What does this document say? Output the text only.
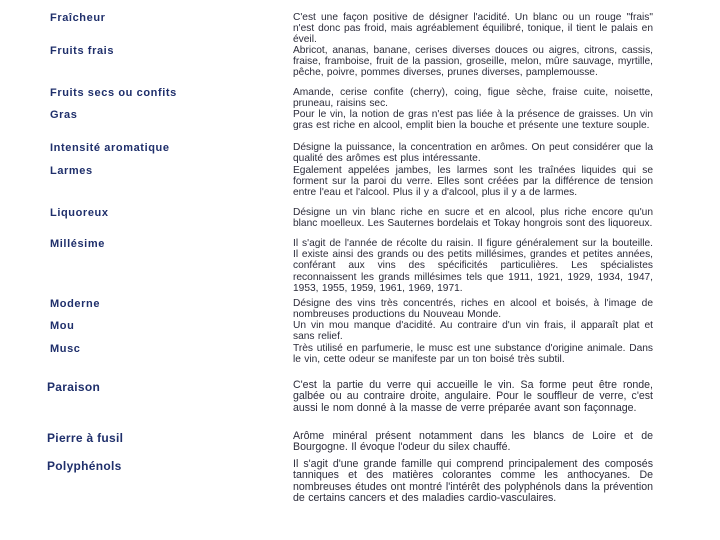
Fraîcheur	C'est une façon positive de désigner l'acidité. Un blanc ou un rouge "frais" n'est donc pas froid, mais agréablement équilibré, tonique, il tient le palais en éveil.
Fruits frais	Abricot, ananas, banane, cerises diverses douces ou aigres, citrons, cassis, fraise, framboise, fruit de la passion, groseille, melon, mûre sauvage, myrtille, pêche, poivre, pommes diverses, prunes diverses, pamplemousse.
Fruits secs ou confits	Amande, cerise confite (cherry), coing, figue sèche, fraise cuite, noisette, pruneau, raisins sec.
Gras	Pour le vin, la notion de gras n'est pas liée à la présence de graisses. Un vin gras est riche en alcool, emplit bien la bouche et présente une texture souple.
Intensité aromatique	Désigne la puissance, la concentration en arômes. On peut considérer que la qualité des arômes est plus intéressante.
Larmes	Egalement appelées jambes, les larmes sont les traînées liquides qui se forment sur la paroi du verre. Elles sont créées par la différence de tension entre l'eau et l'alcool. Plus il y a d'alcool, plus il y a de larmes.
Liquoreux	Désigne un vin blanc riche en sucre et en alcool, plus riche encore qu'un blanc moelleux. Les Sauternes bordelais et Tokay hongrois sont des liquoreux.
Millésime	Il s'agit de l'année de récolte du raisin. Il figure généralement sur la bouteille. Il existe ainsi des grands ou des petits millésimes, grandes et petites années, conférant aux vins des spécificités particulières. Les spécialistes reconnaissent les grands millésimes tels que 1911, 1921, 1929, 1934, 1947, 1953, 1955, 1959, 1961, 1969, 1971.
Moderne	Désigne des vins très concentrés, riches en alcool et boisés, à l'image de nombreuses productions du Nouveau Monde.
Mou	Un vin mou manque d'acidité. Au contraire d'un vin frais, il apparaît plat et sans relief.
Musc	Très utilisé en parfumerie, le musc est une substance d'origine animale. Dans le vin, cette odeur se manifeste par un ton boisé très subtil.
Paraison	C'est la partie du verre qui accueille le vin. Sa forme peut être ronde, galbée ou au contraire droite, angulaire. Pour le souffleur de verre, c'est aussi le nom donné à la masse de verre préparée avant son façonnage.
Pierre à fusil	Arôme minéral présent notamment dans les blancs de Loire et de Bourgogne. Il évoque l'odeur du silex chauffé.
Polyphénols	Il s'agit d'une grande famille qui comprend principalement des composés tanniques et des matières colorantes comme les anthocyanes. De nombreuses études ont montré l'intérêt des polyphénols dans la prévention de certains cancers et des maladies cardio-vasculaires.
